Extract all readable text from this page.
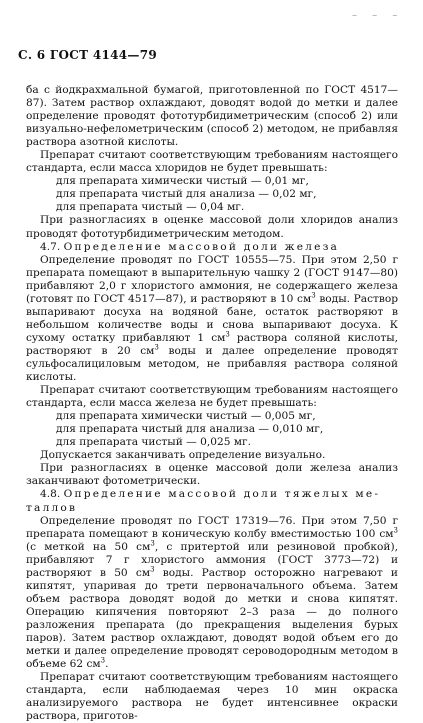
– – –
С. 6 ГОСТ 4144—79

ба с йодкрахмальной бумагой, приготовленной по ГОСТ 4517—87). Затем раствор охлаждают, доводят водой до метки и далее определение проводят фототурбидиметрическим (способ 2) или визуально-нефелометрическим (способ 2) методом, не прибавляя раствора азотной кислоты.

Препарат считают соответствующим требованиям настоящего стандарта, если масса хлоридов не будет превышать:

для препарата химически чистый — 0,01 мг,

для препарата чистый для анализа — 0,02 мг,

для препарата чистый — 0,04 мг.

При разногласиях в оценке массовой доли хлоридов анализ проводят фототурбидиметрическим методом.

4.7. Определение массовой доли железа

Определение проводят по ГОСТ 10555—75. При этом 2,50 г препарата помещают в выпарительную чашку 2 (ГОСТ 9147—80) прибавляют 2,0 г хлористого аммония, не содержащего железа (готовят по ГОСТ 4517—87), и растворяют в 10 $см^3$ воды. Раствор выпаривают досуха на водяной бане, остаток растворяют в небольшом количестве воды и снова выпаривают досуха. К сухому остатку прибавляют 1 $см^3$ раствора соляной кислоты, растворяют в 20 $см^3$ воды и далее определение проводят сульфосалициловым методом, не прибавляя раствора соляной кислоты.

Препарат считают соответствующим требованиям настоящего стандарта, если масса железа не будет превышать:

для препарата химически чистый — 0,005 мг,

для препарата чистый для анализа — 0,010 мг,

для препарата чистый — 0,025 мг.

Допускается заканчивать определение визуально.

При разногласиях в оценке массовой доли железа анализ заканчивают фотометрически.

4.8. Определение массовой доли тяжелых ме-
таллов

Определение проводят по ГОСТ 17319—76. При этом 7,50 г препарата помещают в коническую колбу вместимостью 100 $см^3$ (с меткой на 50 $см^3$, с притертой или резиновой пробкой), прибавляют 7 г хлористого аммония (ГОСТ 3773—72) и растворяют в 50 $см^3$ воды. Раствор осторожно нагревают и кипятят, упаривая до трети первоначального объема. Затем объем раствора доводят водой до метки и снова кипятят. Операцию кипячения повторяют 2–3 раза — до полного разложения препарата (до прекращения выделения бурых паров). Затем раствор охлаждают, доводят водой объем его до метки и далее определение проводят сероводородным методом в объеме 62 $см^3$.

Препарат считают соответствующим требованиям настоящего стандарта, если наблюдаемая через 10 мин окраска анализируемого раствора не будет интенсивнее окраски раствора, приготов-
